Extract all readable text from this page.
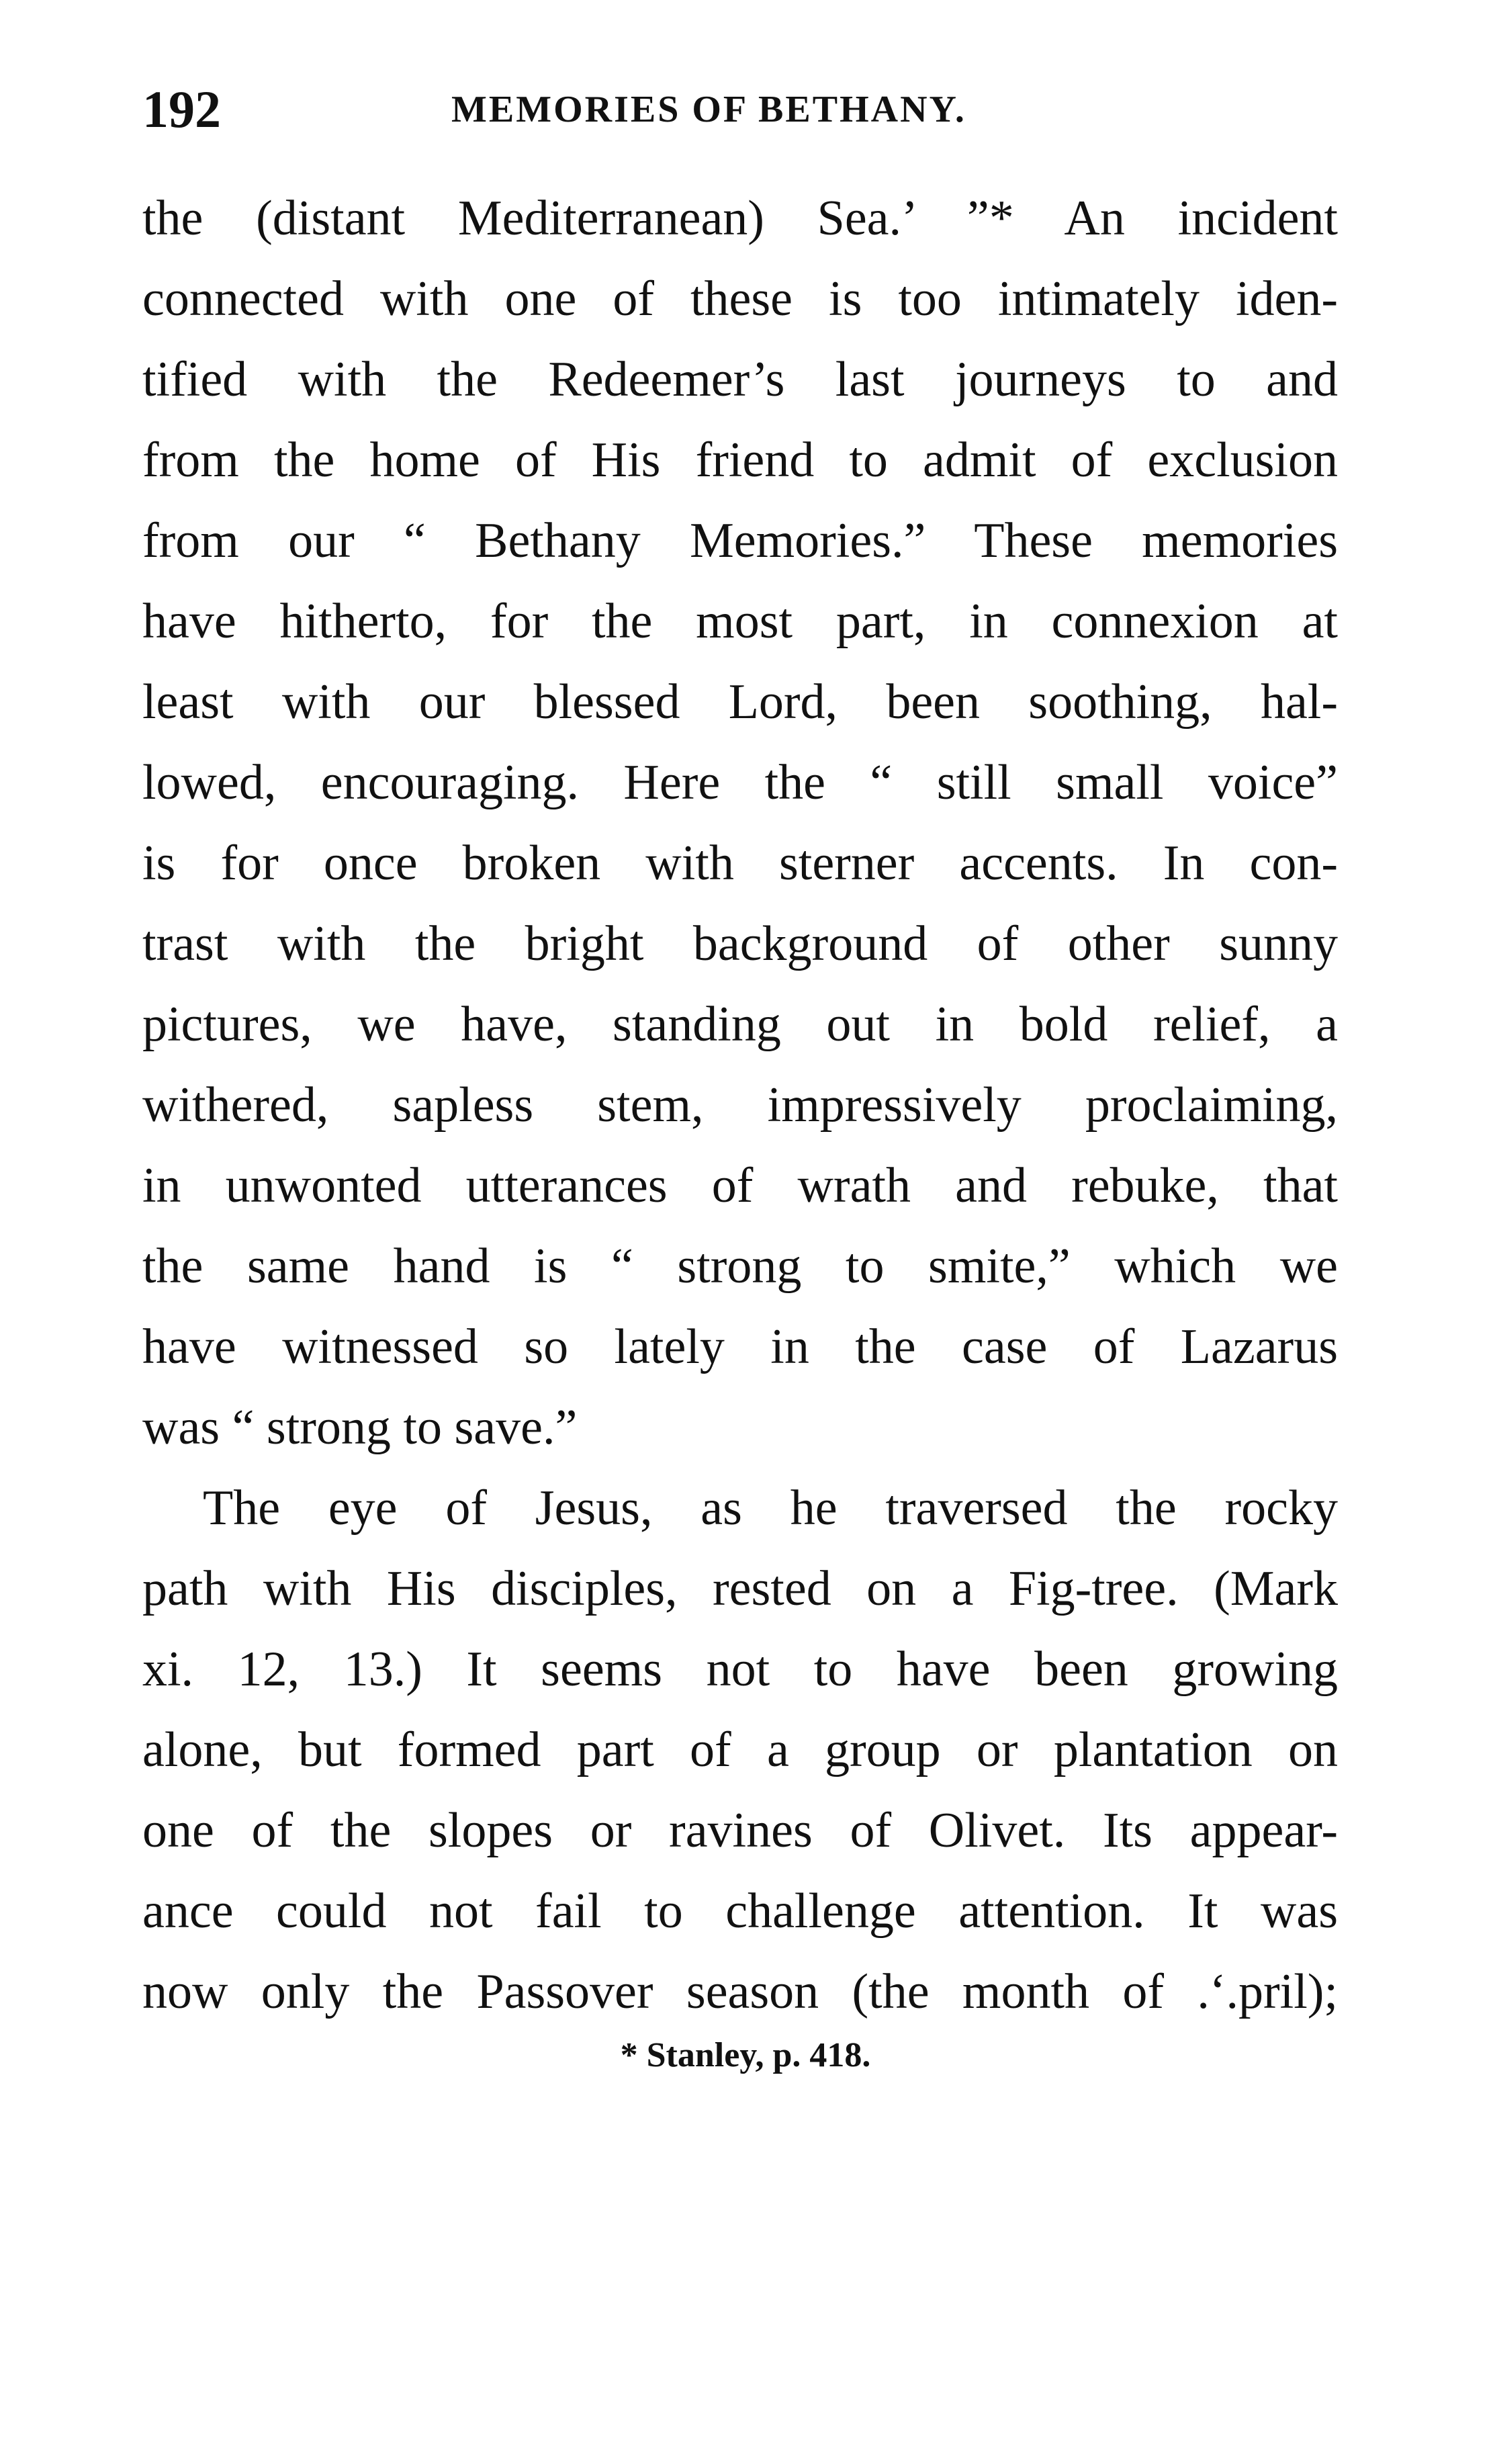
192	MEMORIES OF BETHANY.
the (distant Mediterranean) Sea.’ ”* An incident
connected with one of these is too intimately iden-
tified with the Redeemer’s last journeys to and
from the home of His friend to admit of exclusion
from our “ Bethany Memories.” These memories
have hitherto, for the most part, in connexion at
least with our blessed Lord, been soothing, hal-
lowed, encouraging. Here the “ still small voice”
is for once broken with sterner accents. In con-
trast with the bright background of other sunny
pictures, we have, standing out in bold relief, a
withered, sapless stem, impressively proclaiming,
in unwonted utterances of wrath and rebuke, that
the same hand is “ strong to smite,” which we
have witnessed so lately in the case of Lazarus
was “ strong to save.”
The eye of Jesus, as he traversed the rocky
path with His disciples, rested on a Fig-tree. (Mark
xi. 12, 13.) It seems not to have been growing
alone, but formed part of a group or plantation on
one of the slopes or ravines of Olivet. Its appear-
ance could not fail to challenge attention. It was
now only the Passover season (the month of .‘.pril);
* Stanley, p. 418.
